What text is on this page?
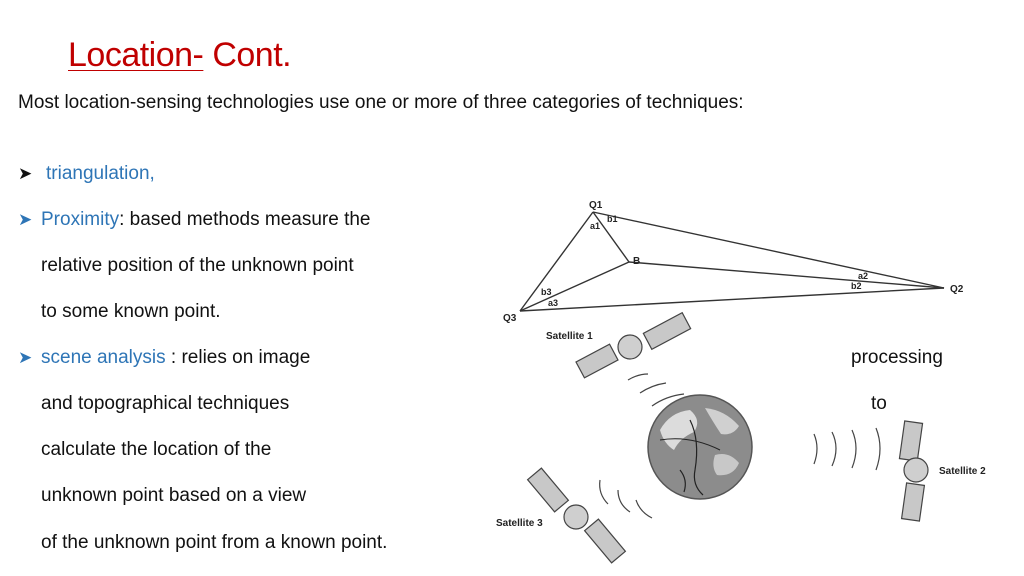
Location- Cont.
Most location-sensing technologies use one or more of three categories of techniques:
➤ triangulation,
➤ Proximity: based methods measure the
relative position of the unknown point
to some known point.
➤ scene analysis : relies on image	processing
and topographical techniques	to
calculate the location of the
unknown point based on a view
of the unknown point from a known point.
Q1
Q3
Q2
B
a1
b1
a2
b2
a3
b3
Satellite 1
Satellite 2
Satellite 3
